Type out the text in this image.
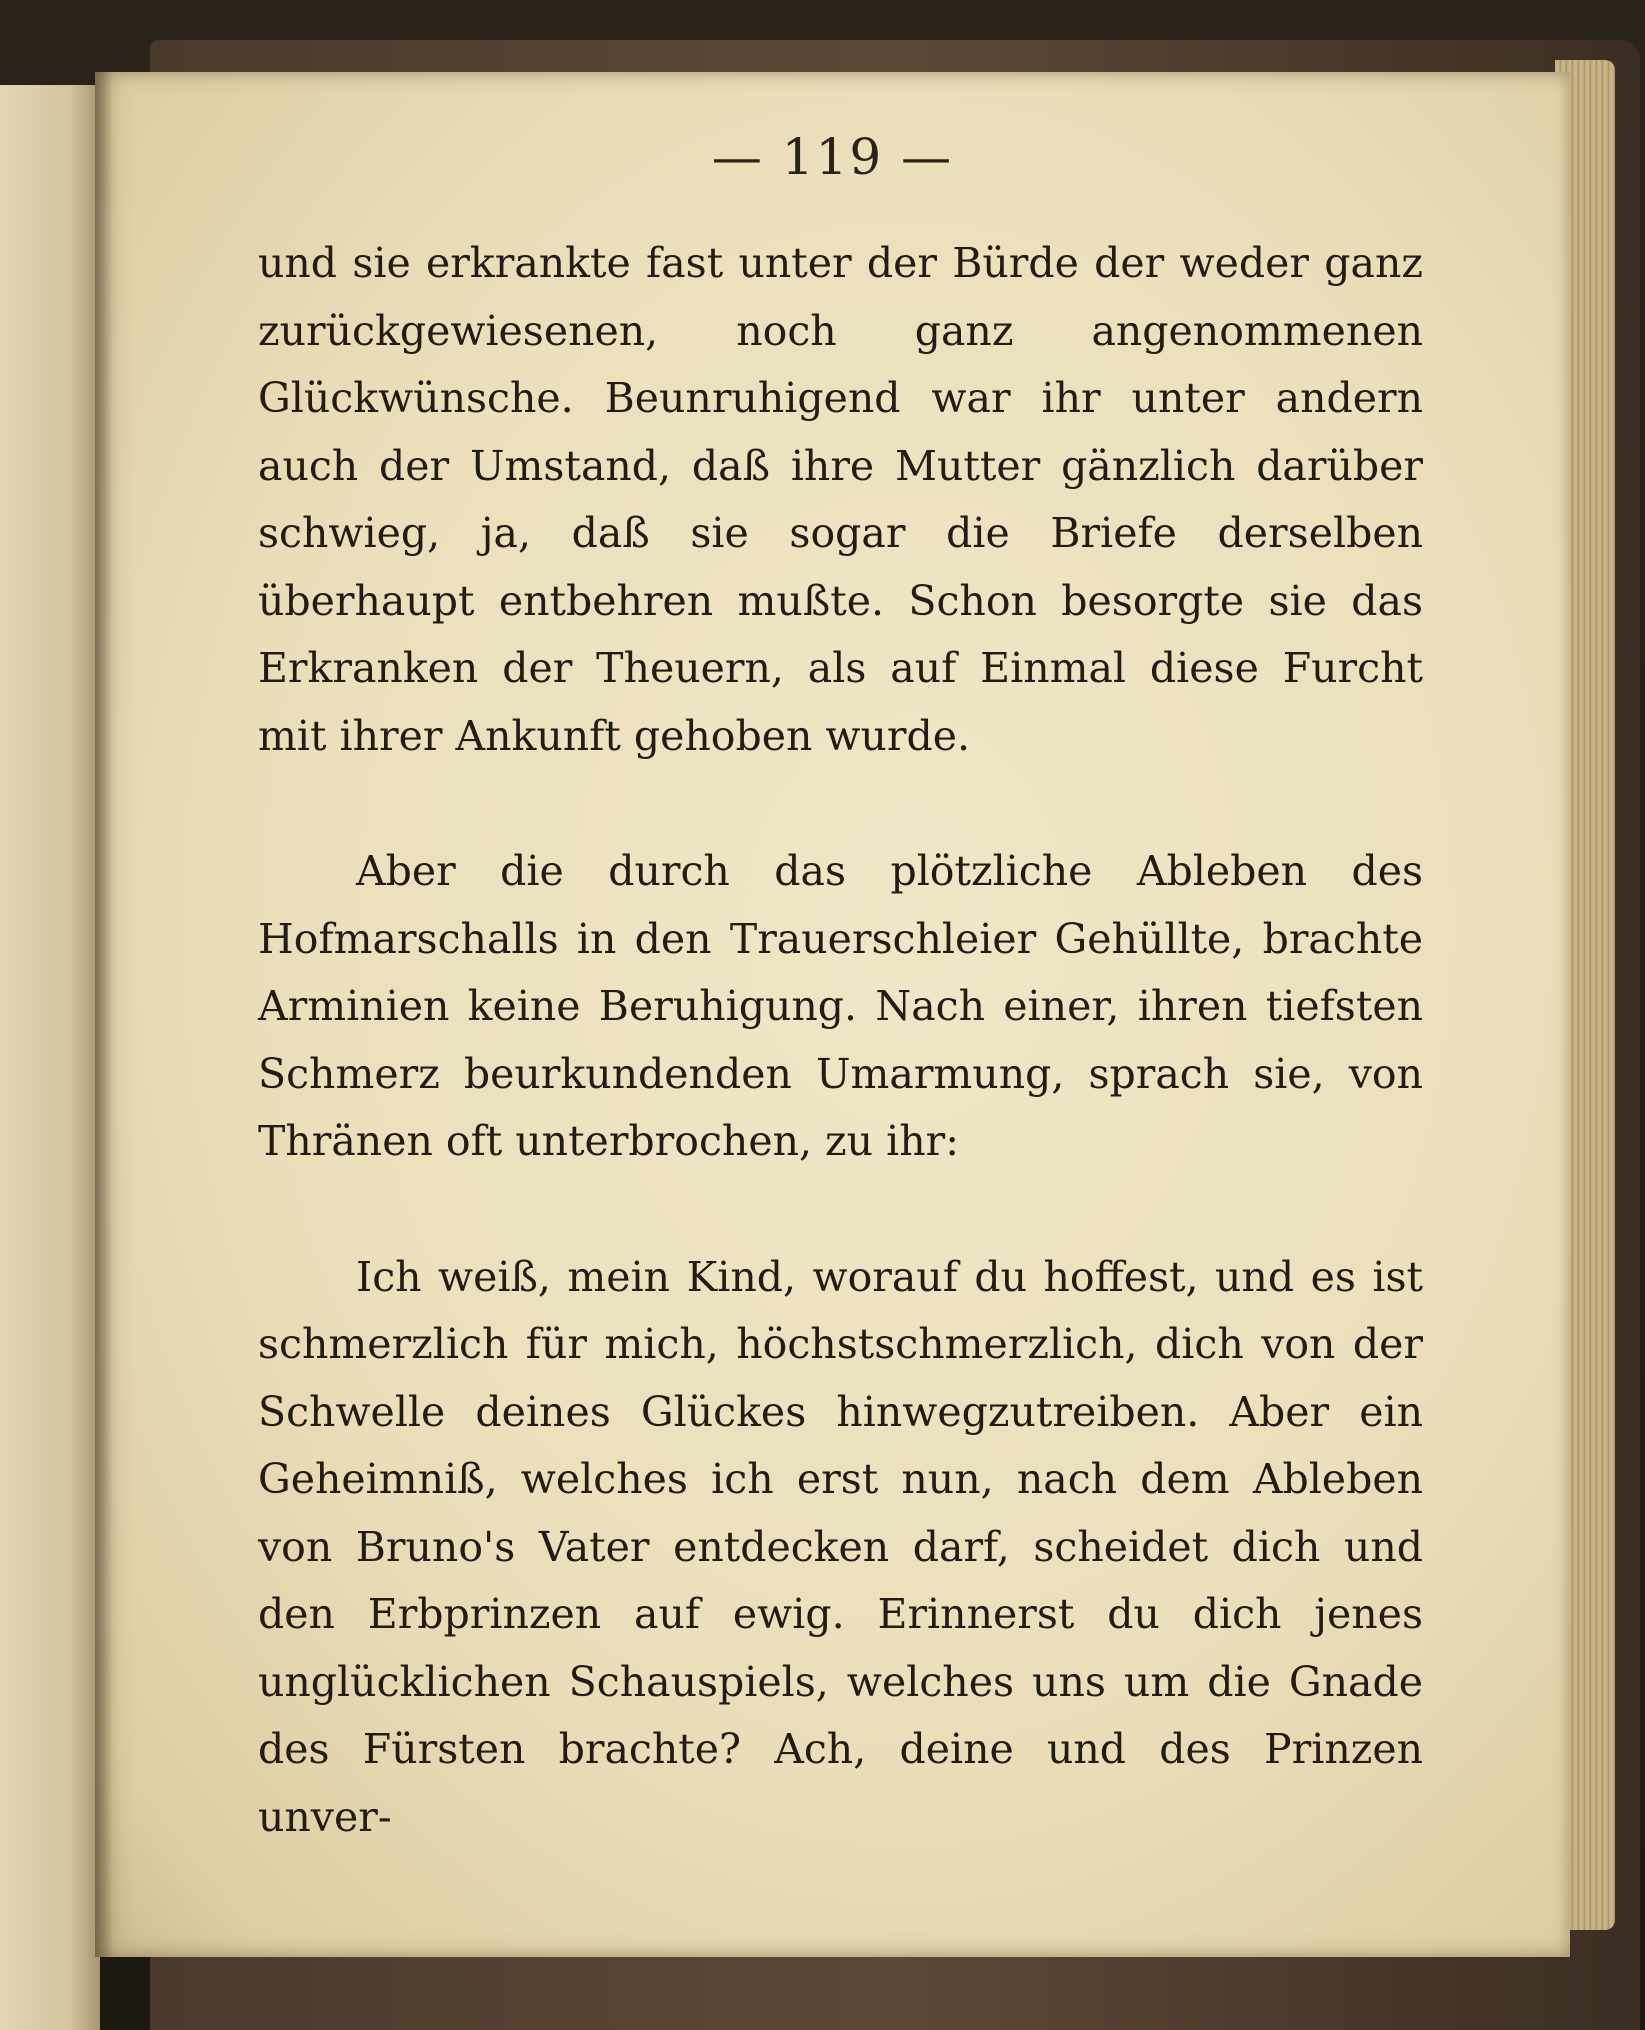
— 119 —

und sie erkrankte fast unter der Bürde der weder ganz zurückgewiesenen, noch ganz angenommenen Glückwünsche. Beunruhigend war ihr unter andern auch der Umstand, daß ihre Mutter gänzlich darüber schwieg, ja, daß sie sogar die Briefe derselben überhaupt entbehren mußte. Schon besorgte sie das Erkranken der Theuern, als auf Einmal diese Furcht mit ihrer Ankunft gehoben wurde.

Aber die durch das plötzliche Ableben des Hofmarschalls in den Trauerschleier Gehüllte, brachte Arminien keine Beruhigung. Nach einer, ihren tiefsten Schmerz beurkundenden Umarmung, sprach sie, von Thränen oft unterbrochen, zu ihr:

Ich weiß, mein Kind, worauf du hoffest, und es ist schmerzlich für mich, höchstschmerzlich, dich von der Schwelle deines Glückes hinwegzutreiben. Aber ein Geheimniß, welches ich erst nun, nach dem Ableben von Bruno's Vater entdecken darf, scheidet dich und den Erbprinzen auf ewig. Erinnerst du dich jenes unglücklichen Schauspiels, welches uns um die Gnade des Fürsten brachte? Ach, deine und des Prinzen unver-
